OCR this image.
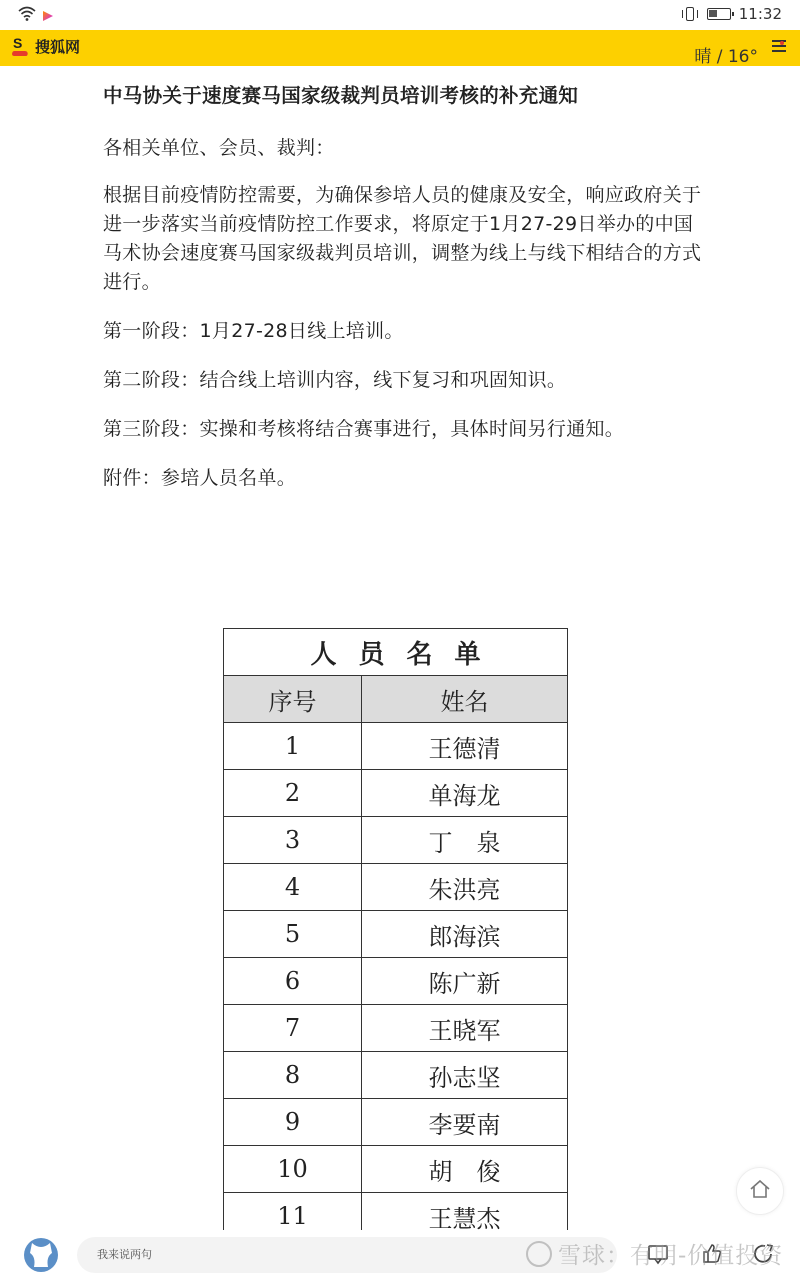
11:32
S 搜狐网	晴 / 16°
中马协关于速度赛马国家级裁判员培训考核的补充通知

各相关单位、会员、裁判：

根据目前疫情防控需要，为确保参培人员的健康及安全，响应政府关于进一步落实当前疫情防控工作要求，将原定于1月27-29日举办的中国马术协会速度赛马国家级裁判员培训，调整为线上与线下相结合的方式进行。

第一阶段：1月27-28日线上培训。

第二阶段：结合线上培训内容，线下复习和巩固知识。

第三阶段：实操和考核将结合赛事进行，具体时间另行通知。

附件：参培人员名单。

人员名单	
序号	姓名
1	王德清
2	单海龙
3	丁　泉
4	朱洪亮
5	郎海滨
6	陈广新
7	王晓军
8	孙志坚
9	李要南
10	胡　俊
11	王慧杰
我来说两句	雪球：有明-价值投资
